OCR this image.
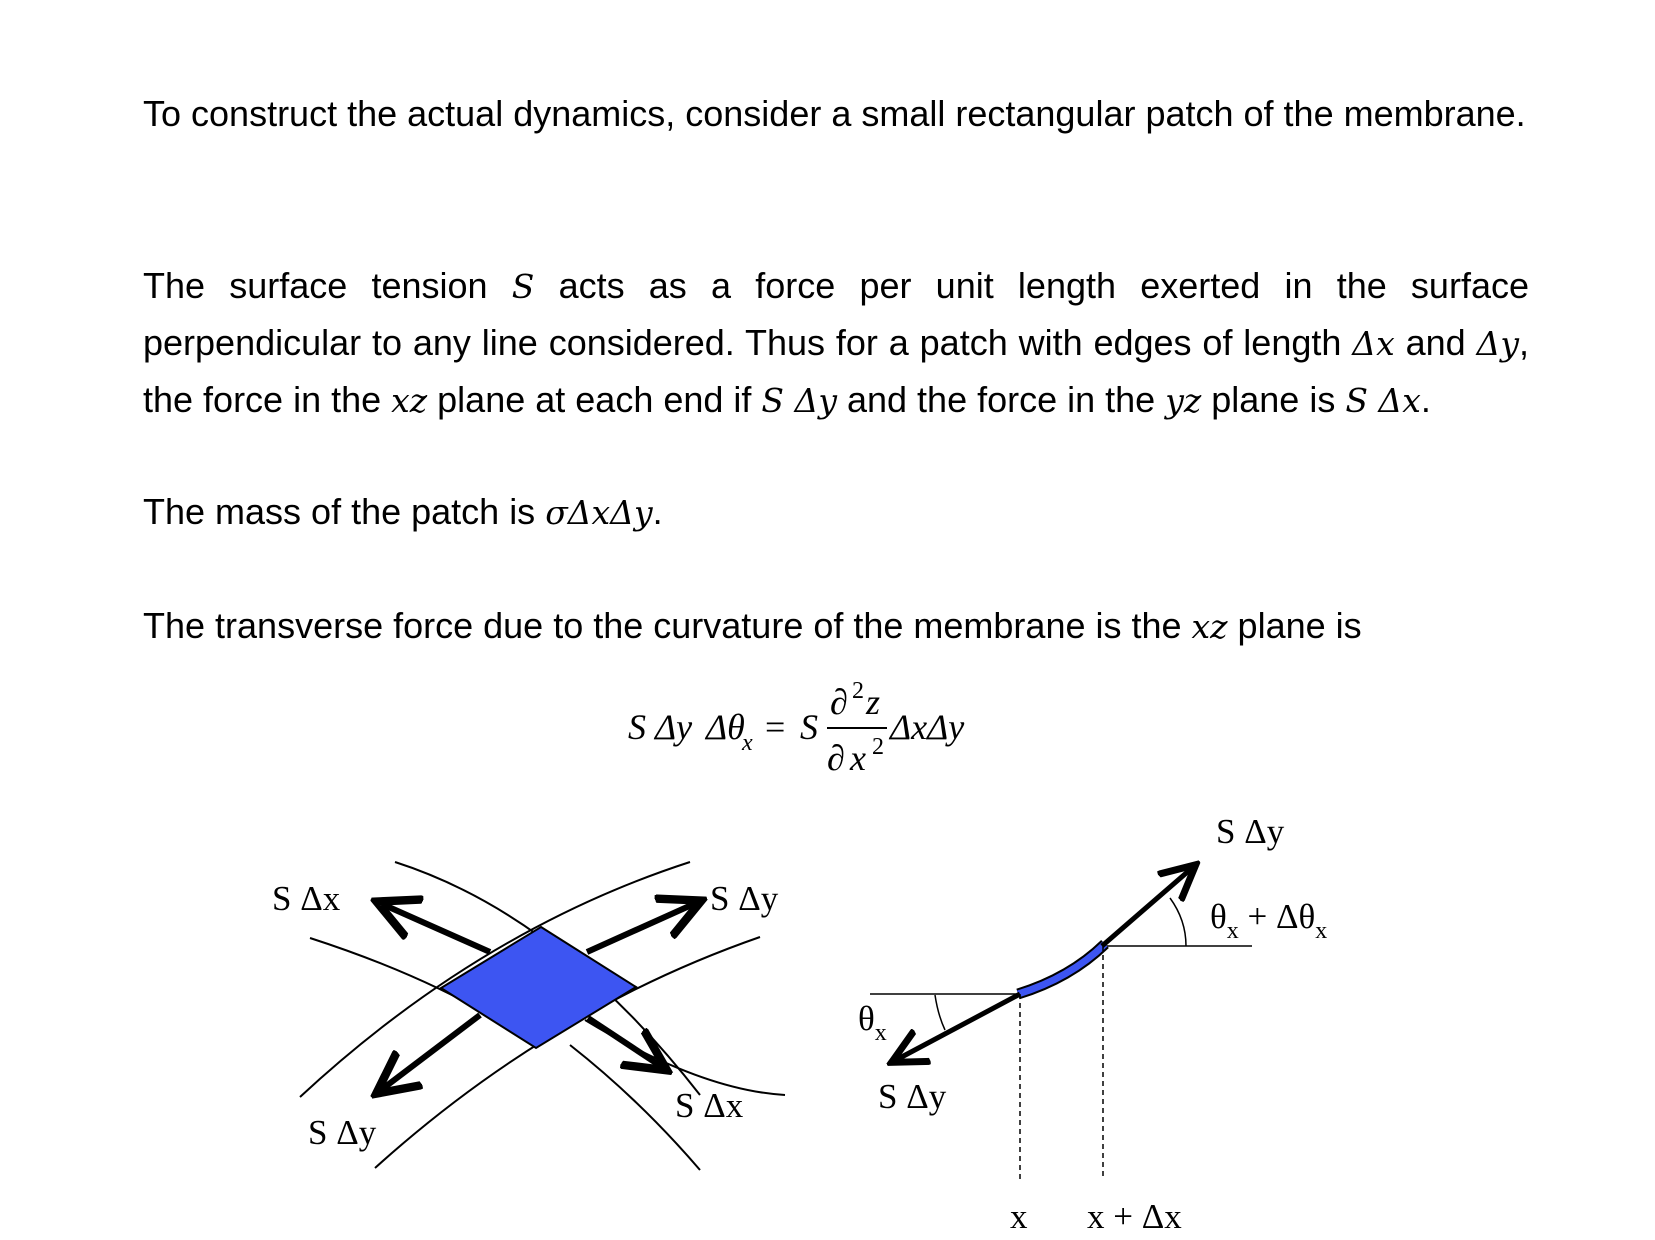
To construct the actual dynamics, consider a small rectangular patch of the membrane.

The surface tension S acts as a force per unit length exerted in the surface perpendicular to any line considered. Thus for a patch with edges of length Δx and Δy, the force in the xz plane at each end if S Δy and the force in the yz plane is S Δx.

The mass of the patch is σΔxΔy.

The transverse force due to the curvature of the membrane is the xz plane is

S Δy Δθ
x = S
∂ 2 z
∂ x 2 ΔxΔy
S Δx	S Δy
S Δy
S Δx
S Δy
$\theta_x + \Delta\theta_x$
$\theta_x$
S Δy
x x + Δx
